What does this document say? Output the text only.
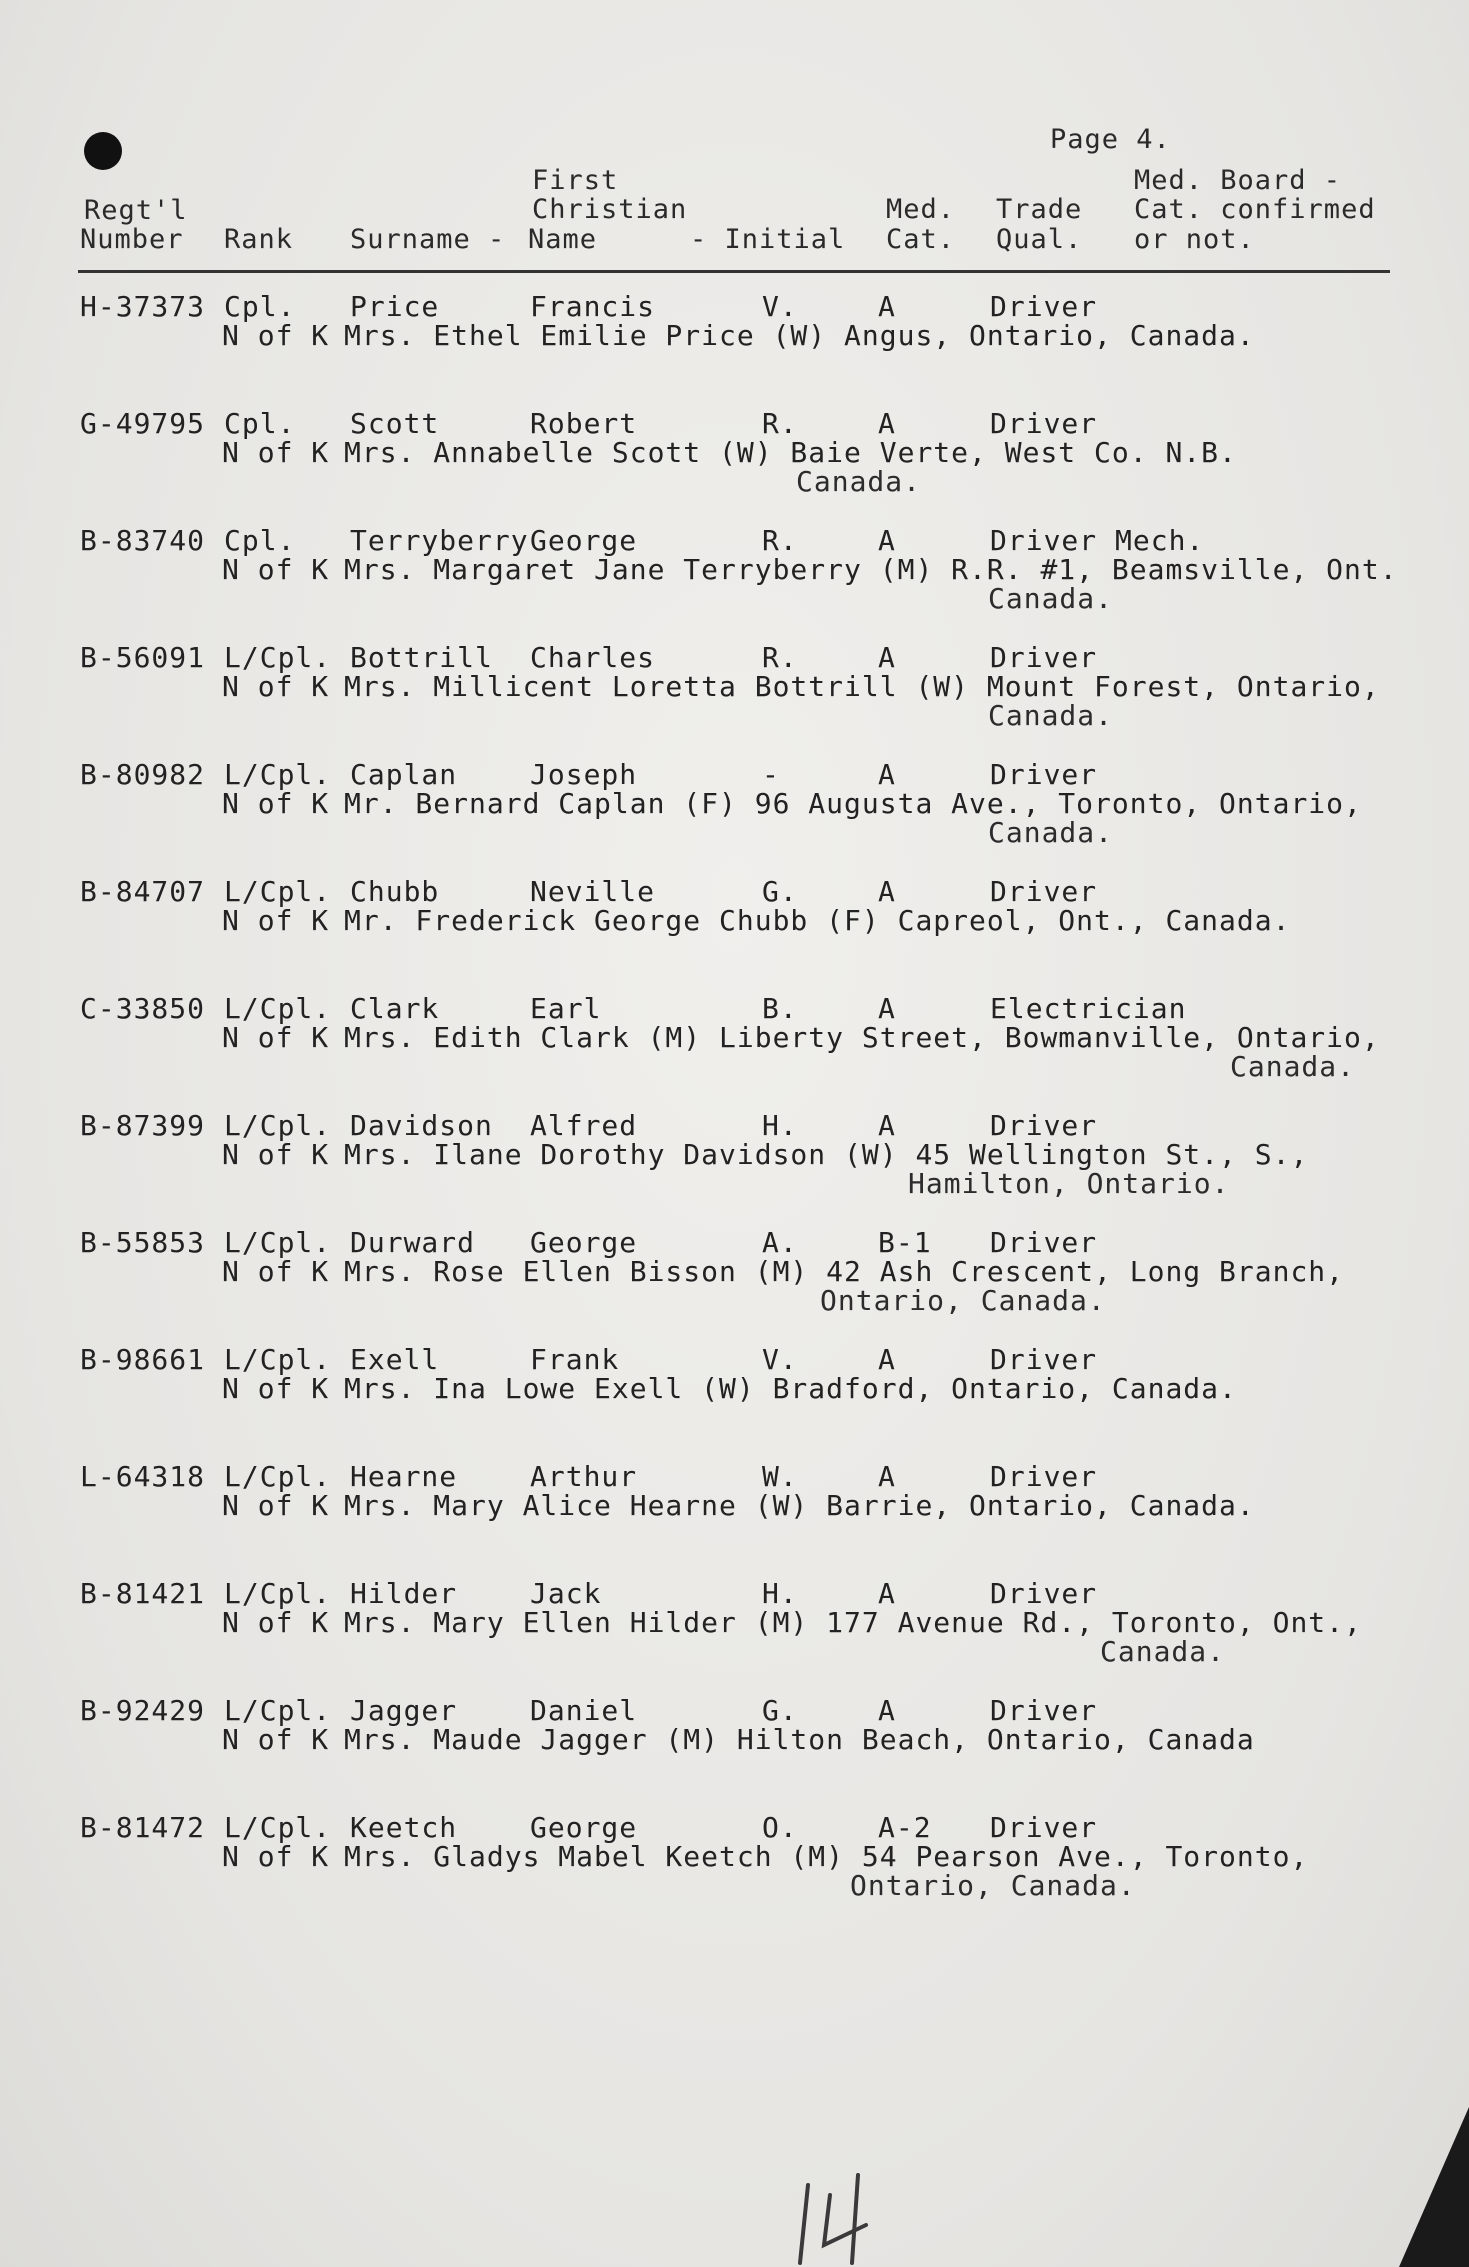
Page 4.
Regt'l
Number Rank Surname -
First
Christian
Name	- Initial
Med.
Cat.
Trade
Qual.
Med. Board -
Cat. confirmed
or not.
H-37373 Cpl. Price	Francis	V.	A	Driver
N of K Mrs. Ethel Emilie Price (W) Angus, Ontario, Canada.
G-49795 Cpl. Scott	Robert	R.	A	Driver
N of K Mrs. Annabelle Scott (W) Baie Verte, West Co. N.B.
Canada.
B-83740 Cpl. Terryberry George	R.	A	Driver Mech.
N of K Mrs. Margaret Jane Terryberry (M) R.R. #1, Beamsville, Ont.
Canada.
B-56091 L/Cpl. Bottrill Charles	R.	A	Driver
N of K Mrs. Millicent Loretta Bottrill (W) Mount Forest, Ontario,
Canada.
B-80982 L/Cpl. Caplan	Joseph	-	A	Driver
N of K Mr. Bernard Caplan (F) 96 Augusta Ave., Toronto, Ontario,
Canada.
B-84707 L/Cpl. Chubb	Neville	G.	A	Driver
N of K Mr. Frederick George Chubb (F) Capreol, Ont., Canada.
C-33850 L/Cpl. Clark	Earl	B.	A	Electrician
N of K Mrs. Edith Clark (M) Liberty Street, Bowmanville, Ontario,
Canada.
B-87399 L/Cpl. Davidson Alfred	H.	A	Driver
N of K Mrs. Ilane Dorothy Davidson (W) 45 Wellington St., S.,
Hamilton, Ontario.
B-55853 L/Cpl. Durward George	A.	B-1 Driver
N of K Mrs. Rose Ellen Bisson (M) 42 Ash Crescent, Long Branch,
Ontario, Canada.
B-98661 L/Cpl. Exell	Frank	V.	A	Driver
N of K Mrs. Ina Lowe Exell (W) Bradford, Ontario, Canada.
L-64318 L/Cpl. Hearne	Arthur	W.	A	Driver
N of K Mrs. Mary Alice Hearne (W) Barrie, Ontario, Canada.
B-81421 L/Cpl. Hilder	Jack	H.	A	Driver
N of K Mrs. Mary Ellen Hilder (M) 177 Avenue Rd., Toronto, Ont.,
Canada.
B-92429 L/Cpl. Jagger	Daniel	G.	A	Driver
N of K Mrs. Maude Jagger (M) Hilton Beach, Ontario, Canada
B-81472 L/Cpl. Keetch	George	O.	A-2 Driver
N of K Mrs. Gladys Mabel Keetch (M) 54 Pearson Ave., Toronto,
Ontario, Canada.
